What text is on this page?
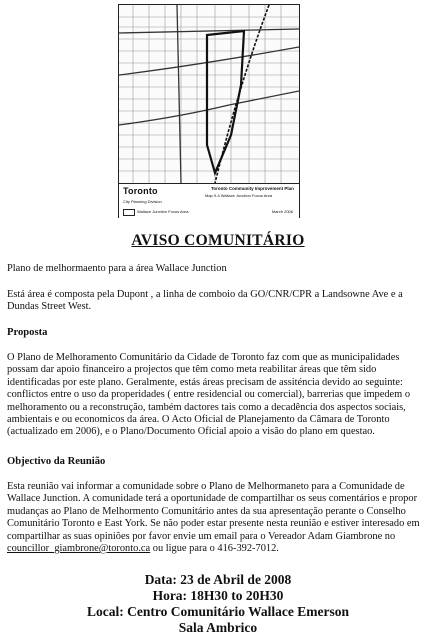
Toronto
City Planning Division
Wallace Junction Focus Area
Toronto Community Improvement Plan
Map 9-4 Wallace Junction Focus Area
March 2006
AVISO COMUNITÁRIO

Plano de melhormaento para a área Wallace Junction

Está área é composta pela Dupont , a linha de comboio da GO/CNR/CPR a Landsowne Ave e a Dundas Street West.

Proposta

O Plano de Melhoramento Comunitário da Cidade de Toronto faz com que as municipalidades possam dar apoio financeiro a projectos que têm como meta reabilitar áreas que têm sido identificadas por este plano. Geralmente, estás áreas precisam de assiténcia devido ao seguinte: conflictos entre o uso da properidades ( entre residencial ou comercial), barrerias que impedem o melhoramento ou a reconstrução, também dactores tais como a decadência dos aspectos sociais, ambientais e ou economicos da área. O Acto Oficial de Planejamento da Câmara de Toronto (actualizado em 2006), e o Plano/Documento Oficial apoio a visão do plano em questao.

Objectivo da Reunião

Esta reunião vai informar a comunidade sobre o Plano de Melhormaneto para a Comunidade de Wallace Junction. A comunidade terá a oportunidade de compartilhar os seus comentários e propor mudanças ao Plano de Melhormento Comunitário antes da sua apresentação perante o Conselho Comunitário Toronto e East York. Se não poder estar presente nesta reunião e estiver interesado em compartilhar as suas opiniões por favor envie um email para o Vereador Adam Giambrone no councillor_giambrone@toronto.ca ou ligue para o 416-392-7012.

Data: 23 de Abril de 2008
Hora: 18H30 to 20H30
Local: Centro Comunitário Wallace Emerson
Sala Ambrico
